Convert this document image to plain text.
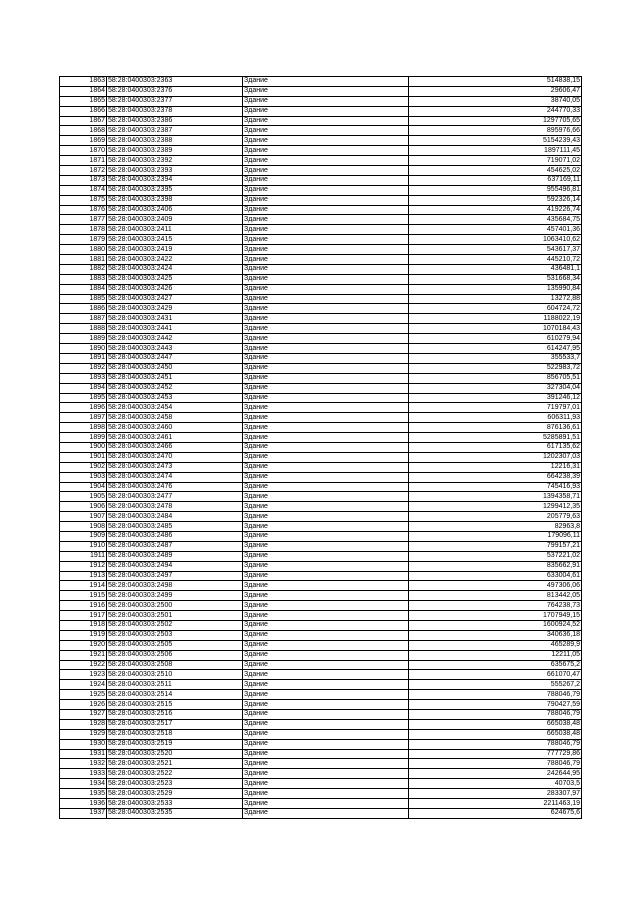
1863	58:28:0400303:2363	Здание	514838,15
1864	58:28:0400303:2376	Здание	29606,47
1865	58:28:0400303:2377	Здание	38740,05
1866	58:28:0400303:2378	Здание	244770,33
1867	58:28:0400303:2386	Здание	1297705,65
1868	58:28:0400303:2387	Здание	895976,66
1869	58:28:0400303:2388	Здание	5154239,43
1870	58:28:0400303:2389	Здание	1897111,45
1871	58:28:0400303:2392	Здание	719071,02
1872	58:28:0400303:2393	Здание	454625,02
1873	58:28:0400303:2394	Здание	637169,11
1874	58:28:0400303:2395	Здание	955496,81
1875	58:28:0400303:2398	Здание	592326,14
1876	58:28:0400303:2406	Здание	419226,74
1877	58:28:0400303:2409	Здание	435684,75
1878	58:28:0400303:2411	Здание	457401,36
1879	58:28:0400303:2415	Здание	1063410,62
1880	58:28:0400303:2419	Здание	543617,37
1881	58:28:0400303:2422	Здание	445210,72
1882	58:28:0400303:2424	Здание	436481,1
1883	58:28:0400303:2425	Здание	531668,34
1884	58:28:0400303:2426	Здание	135990,84
1885	58:28:0400303:2427	Здание	13272,88
1886	58:28:0400303:2429	Здание	604724,72
1887	58:28:0400303:2431	Здание	1188022,19
1888	58:28:0400303:2441	Здание	1070184,43
1889	58:28:0400303:2442	Здание	610279,94
1890	58:28:0400303:2443	Здание	614247,95
1891	58:28:0400303:2447	Здание	355533,7
1892	58:28:0400303:2450	Здание	522983,72
1893	58:28:0400303:2451	Здание	856705,51
1894	58:28:0400303:2452	Здание	327304,04
1895	58:28:0400303:2453	Здание	391246,12
1896	58:28:0400303:2454	Здание	719797,01
1897	58:28:0400303:2458	Здание	606311,93
1898	58:28:0400303:2460	Здание	876136,61
1899	58:28:0400303:2461	Здание	5285891,51
1900	58:28:0400303:2466	Здание	617135,62
1901	58:28:0400303:2470	Здание	1202307,03
1902	58:28:0400303:2473	Здание	12216,31
1903	58:28:0400303:2474	Здание	664238,39
1904	58:28:0400303:2476	Здание	745416,93
1905	58:28:0400303:2477	Здание	1394358,71
1906	58:28:0400303:2478	Здание	1299412,35
1907	58:28:0400303:2484	Здание	205779,63
1908	58:28:0400303:2485	Здание	82963,8
1909	58:28:0400303:2486	Здание	179096,11
1910	58:28:0400303:2487	Здание	799157,21
1911	58:28:0400303:2489	Здание	537221,02
1912	58:28:0400303:2494	Здание	835662,91
1913	58:28:0400303:2497	Здание	633004,61
1914	58:28:0400303:2498	Здание	497306,06
1915	58:28:0400303:2499	Здание	813442,05
1916	58:28:0400303:2500	Здание	764238,73
1917	58:28:0400303:2501	Здание	1707949,15
1918	58:28:0400303:2502	Здание	1600924,52
1919	58:28:0400303:2503	Здание	340636,18
1920	58:28:0400303:2505	Здание	465289,9
1921	58:28:0400303:2506	Здание	12211,05
1922	58:28:0400303:2508	Здание	635675,2
1923	58:28:0400303:2510	Здание	661070,47
1924	58:28:0400303:2511	Здание	555267,2
1925	58:28:0400303:2514	Здание	788046,79
1926	58:28:0400303:2515	Здание	790427,59
1927	58:28:0400303:2516	Здание	788046,79
1928	58:28:0400303:2517	Здание	665038,48
1929	58:28:0400303:2518	Здание	665038,48
1930	58:28:0400303:2519	Здание	788046,79
1931	58:28:0400303:2520	Здание	777729,86
1932	58:28:0400303:2521	Здание	788046,79
1933	58:28:0400303:2522	Здание	242644,95
1934	58:28:0400303:2523	Здание	40703,5
1935	58:28:0400303:2529	Здание	283307,97
1936	58:28:0400303:2533	Здание	2211463,19
1937	58:28:0400303:2535	Здание	624675,6
